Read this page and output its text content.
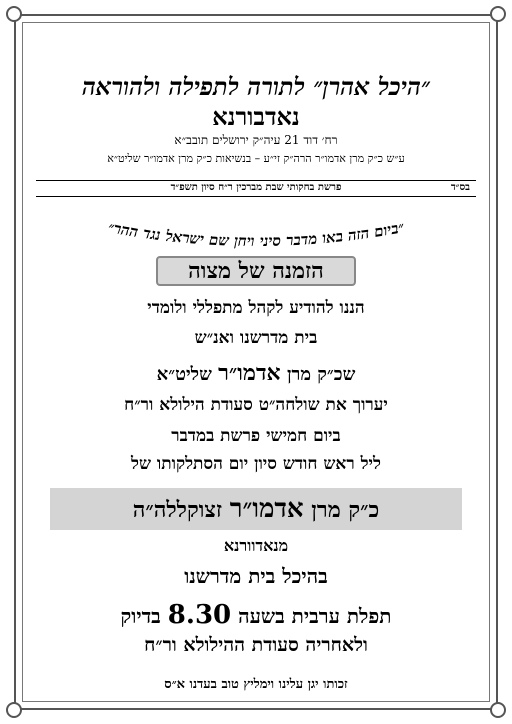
״היכל אהרן״ לתורה לתפילה ולהוראה
נאדבורנא
רח׳ דוד 21 עיה״ק ירושלים תובב״א
ע״ש כ״ק מרן אדמו״ר הרה״ק זי״ע – בנשיאות כ״ק מרן אדמו״ר שליט״א
בס״ד
פרשת בחקותי שבת מברכין ר״ח סיון תשפ״ד
״ביום הזה באו מדבר סיני ויחן שם ישראל נגד ההר״
הזמנה של מצוה
הננו להודיע לקהל מתפללי ולומדי
בית מדרשנו ואנ״ש
שכ״ק מרן אדמו״ר שליט״א
יערוך את שולחה״ט סעודת הילולא ור״ח
ביום חמישי פרשת במדבר
ליל ראש חודש סיון יום הסתלקותו של
כ״ק מרן אדמו״ר זצוקללה״ה
מנאדוורנא
בהיכל בית מדרשנו
תפלת ערבית בשעה 8.30 בדיוק
ולאחריה סעודת ההילולא ור״ח
זכותו יגן עלינו וימליץ טוב בעדנו א״ס
